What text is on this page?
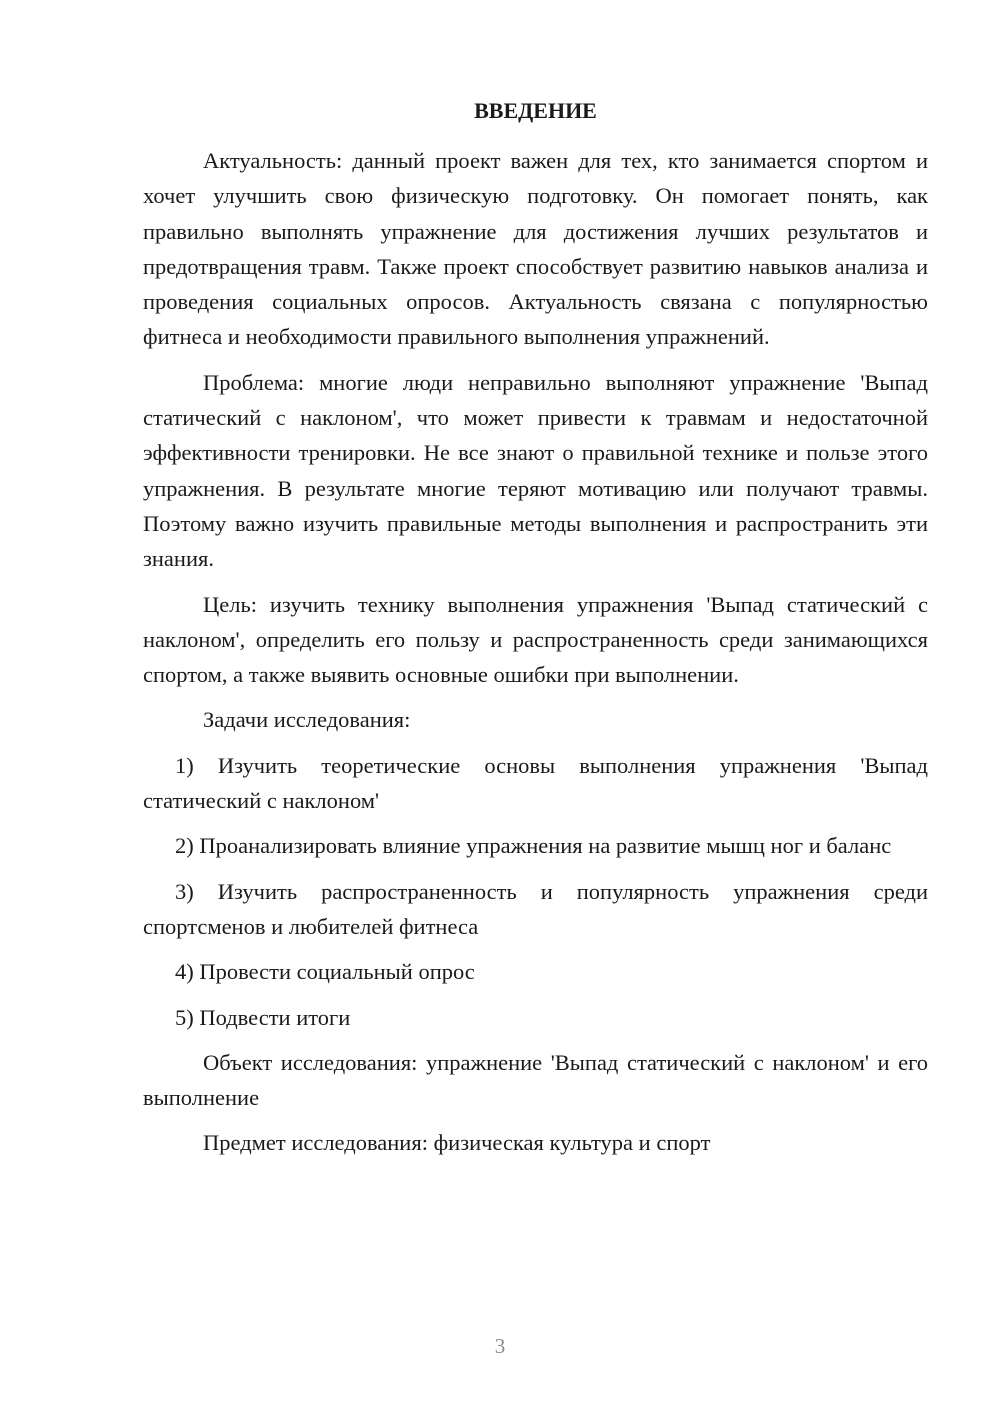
ВВЕДЕНИЕ

Актуальность: данный проект важен для тех, кто занимается спортом и хочет улучшить свою физическую подготовку. Он помогает понять, как правильно выполнять упражнение для достижения лучших результатов и предотвращения травм. Также проект способствует развитию навыков анализа и проведения социальных опросов. Актуальность связана с популярностью фитнеса и необходимости правильного выполнения упражнений.

Проблема: многие люди неправильно выполняют упражнение 'Выпад статический с наклоном', что может привести к травмам и недостаточной эффективности тренировки. Не все знают о правильной технике и пользе этого упражнения. В результате многие теряют мотивацию или получают травмы. Поэтому важно изучить правильные методы выполнения и распространить эти знания.

Цель: изучить технику выполнения упражнения 'Выпад статический с наклоном', определить его пользу и распространенность среди занимающихся спортом, а также выявить основные ошибки при выполнении.

Задачи исследования:

1) Изучить теоретические основы выполнения упражнения 'Выпад статический с наклоном'

2) Проанализировать влияние упражнения на развитие мышц ног и баланс

3) Изучить распространенность и популярность упражнения среди спортсменов и любителей фитнеса

4) Провести социальный опрос

5) Подвести итоги

Объект исследования: упражнение 'Выпад статический с наклоном' и его выполнение

Предмет исследования: физическая культура и спорт

3
